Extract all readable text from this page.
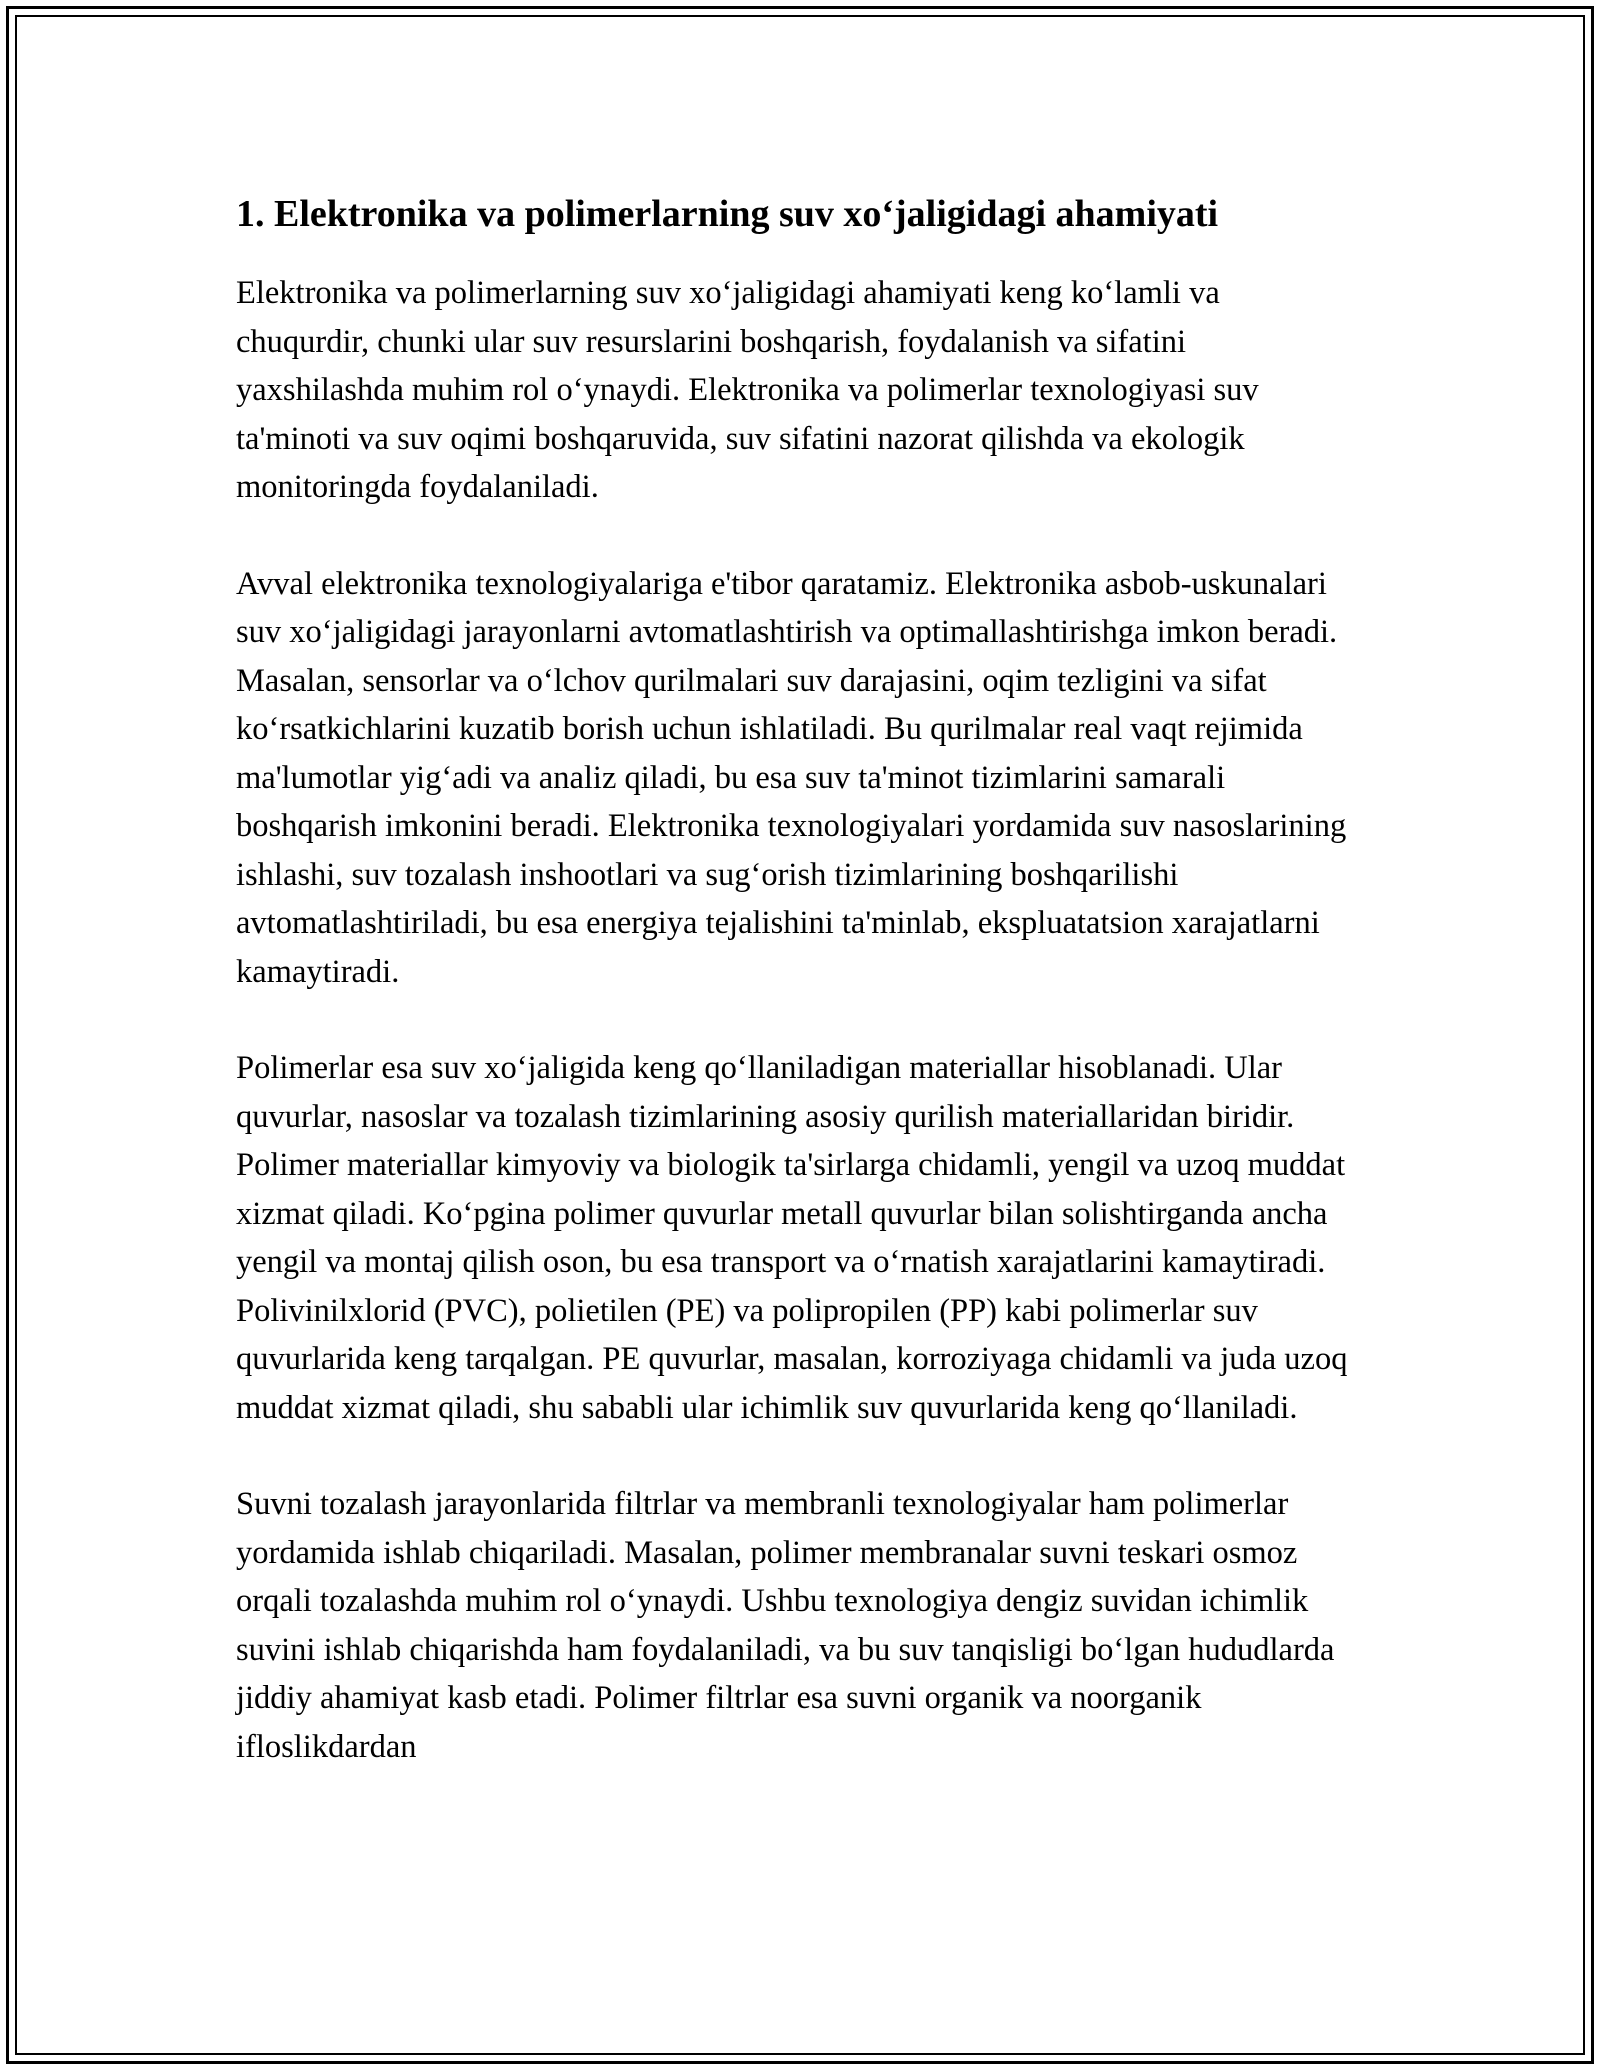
1. Elektronika va polimerlarning suv xo‘jaligidagi ahamiyati

Elektronika va polimerlarning suv xo‘jaligidagi ahamiyati keng ko‘lamli va chuqurdir, chunki ular suv resurslarini boshqarish, foydalanish va sifatini yaxshilashda muhim rol o‘ynaydi. Elektronika va polimerlar texnologiyasi suv ta'minoti va suv oqimi boshqaruvida, suv sifatini nazorat qilishda va ekologik monitoringda foydalaniladi.

Avval elektronika texnologiyalariga e'tibor qaratamiz. Elektronika asbob-uskunalari suv xo‘jaligidagi jarayonlarni avtomatlashtirish va optimallashtirishga imkon beradi. Masalan, sensorlar va o‘lchov qurilmalari suv darajasini, oqim tezligini va sifat ko‘rsatkichlarini kuzatib borish uchun ishlatiladi. Bu qurilmalar real vaqt rejimida ma'lumotlar yig‘adi va analiz qiladi, bu esa suv ta'minot tizimlarini samarali boshqarish imkonini beradi. Elektronika texnologiyalari yordamida suv nasoslarining ishlashi, suv tozalash inshootlari va sug‘orish tizimlarining boshqarilishi avtomatlashtiriladi, bu esa energiya tejalishini ta'minlab, ekspluatatsion xarajatlarni kamaytiradi.

Polimerlar esa suv xo‘jaligida keng qo‘llaniladigan materiallar hisoblanadi. Ular quvurlar, nasoslar va tozalash tizimlarining asosiy qurilish materiallaridan biridir. Polimer materiallar kimyoviy va biologik ta'sirlarga chidamli, yengil va uzoq muddat xizmat qiladi. Ko‘pgina polimer quvurlar metall quvurlar bilan solishtirganda ancha yengil va montaj qilish oson, bu esa transport va o‘rnatish xarajatlarini kamaytiradi. Polivinilxlorid (PVC), polietilen (PE) va polipropilen (PP) kabi polimerlar suv quvurlarida keng tarqalgan. PE quvurlar, masalan, korroziyaga chidamli va juda uzoq muddat xizmat qiladi, shu sababli ular ichimlik suv quvurlarida keng qo‘llaniladi.

Suvni tozalash jarayonlarida filtrlar va membranli texnologiyalar ham polimerlar yordamida ishlab chiqariladi. Masalan, polimer membranalar suvni teskari osmoz orqali tozalashda muhim rol o‘ynaydi. Ushbu texnologiya dengiz suvidan ichimlik suvini ishlab chiqarishda ham foydalaniladi, va bu suv tanqisligi bo‘lgan hududlarda jiddiy ahamiyat kasb etadi. Polimer filtrlar esa suvni organik va noorganik ifloslikdardan
